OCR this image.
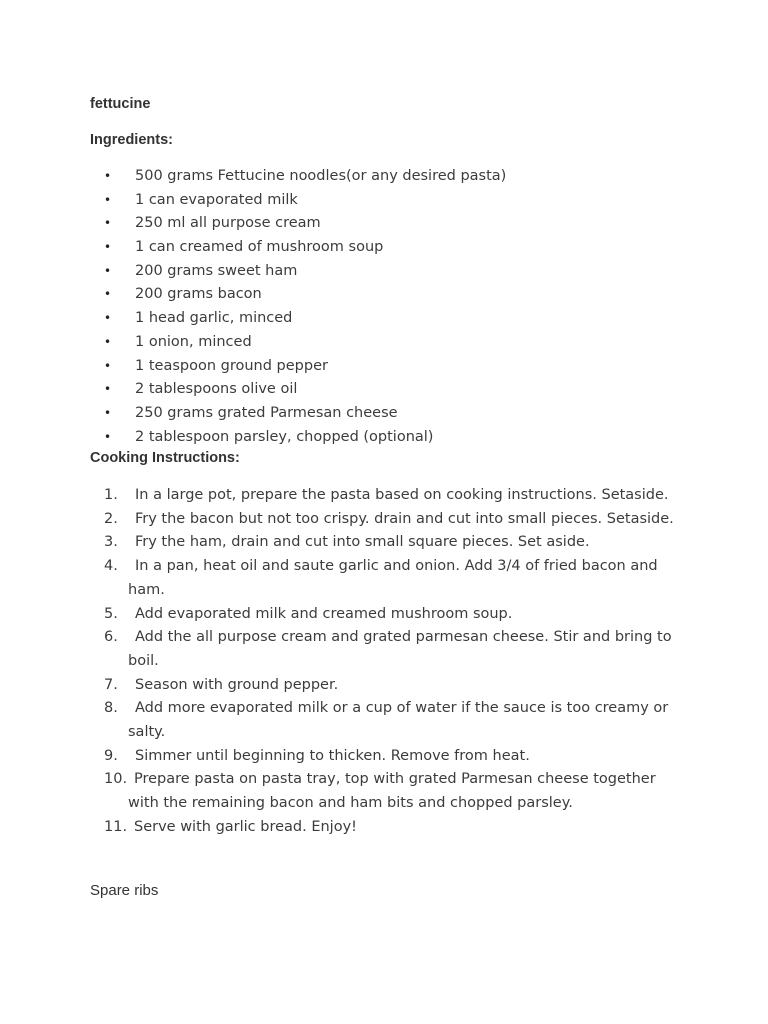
fettucine
Ingredients:
• 500 grams Fettucine noodles(or any desired pasta)
• 1 can evaporated milk
• 250 ml all purpose cream
• 1 can creamed of mushroom soup
• 200 grams sweet ham
• 200 grams bacon
• 1 head garlic, minced
• 1 onion, minced
• 1 teaspoon ground pepper
• 2 tablespoons olive oil
• 250 grams grated Parmesan cheese
• 2 tablespoon parsley, chopped (optional)
Cooking Instructions:
1.	In a large pot, prepare the pasta based on cooking instructions. Setaside.
2.	Fry the bacon but not too crispy. drain and cut into small pieces. Setaside.
3.	Fry the ham, drain and cut into small square pieces. Set aside.
4.	In a pan, heat oil and saute garlic and onion. Add 3/4 of fried bacon and ham.
5.	Add evaporated milk and creamed mushroom soup.
6.	Add the all purpose cream and grated parmesan cheese. Stir and bring to boil.
7.	Season with ground pepper.
8.	Add more evaporated milk or a cup of water if the sauce is too creamy or salty.
9.	Simmer until beginning to thicken. Remove from heat.
10. Prepare pasta on pasta tray, top with grated Parmesan cheese together with the remaining bacon and ham bits and chopped parsley.
11. Serve with garlic bread. Enjoy!
Spare ribs
